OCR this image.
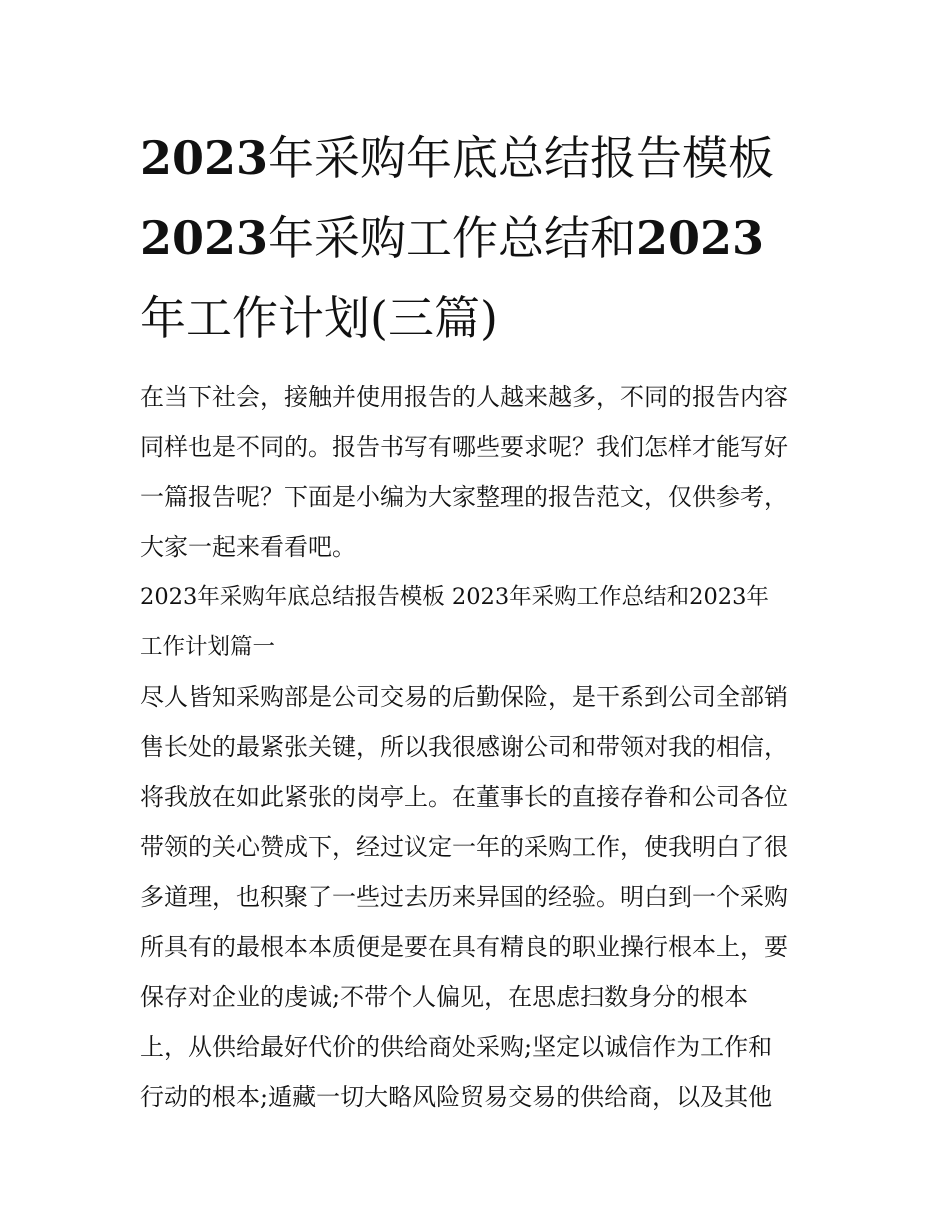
2023年采购年底总结报告模板
2023年采购工作总结和2023
年工作计划(三篇)

在当下社会，接触并使用报告的人越来越多，不同的报告内容
同样也是不同的。报告书写有哪些要求呢？我们怎样才能写好
一篇报告呢？下面是小编为大家整理的报告范文，仅供参考，
大家一起来看看吧。

2023年采购年底总结报告模板 2023年采购工作总结和2023年
工作计划篇一

尽人皆知采购部是公司交易的后勤保险，是干系到公司全部销
售长处的最紧张关键，所以我很感谢公司和带领对我的相信，
将我放在如此紧张的岗亭上。在董事长的直接存眷和公司各位
带领的关心赞成下，经过议定一年的采购工作，使我明白了很
多道理，也积聚了一些过去历来异国的经验。明白到一个采购
所具有的最根本本质便是要在具有精良的职业操行根本上，要
保存对企业的虔诚;不带个人偏见，在思虑扫数身分的根本
上，从供给最好代价的供给商处采购;坚定以诚信作为工作和
行动的根本;遁藏一切大略风险贸易交易的供给商，以及其他
